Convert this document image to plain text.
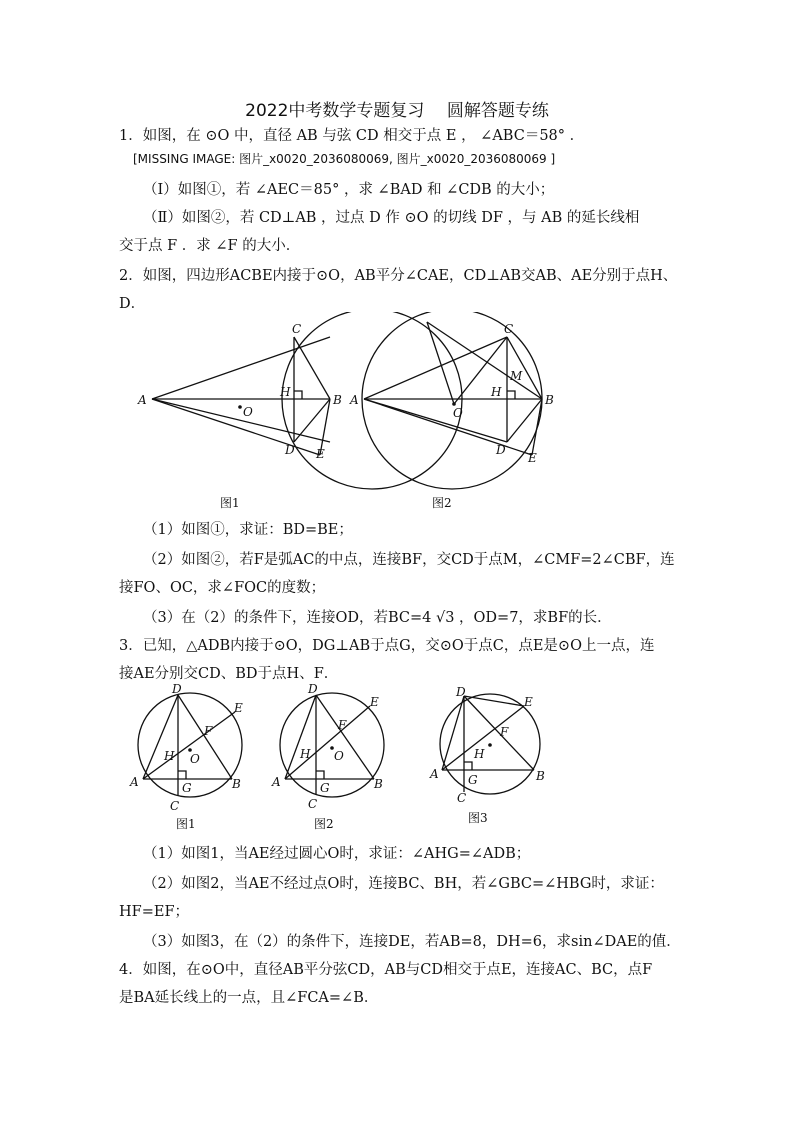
2022中考数学专题复习　 圆解答题专练
1．如图，在 ⊙O 中，直径 AB 与弦 CD 相交于点 E ， ∠ABC＝58° ．
[MISSING IMAGE: 图片_x0020_2036080069, 图片_x0020_2036080069 ]
（Ⅰ）如图①，若 ∠AEC＝85° ，求 ∠BAD 和 ∠CDB 的大小；
（Ⅱ）如图②，若 CD⊥AB ，过点 D 作 ⊙O 的切线 DF ，与 AB 的延长线相
交于点 F ．求 ∠F 的大小．
2．如图，四边形ACBE内接于⊙O，AB平分∠CAE，CD⊥AB交AB、AE分别于点H、
D．
A	B
C
D E
H
O
图1
A	B
C
D
E
H
M
O
图2
（1）如图①，求证：BD=BE；
（2）如图②，若F是弧AC的中点，连接BF，交CD于点M，∠CMF=2∠CBF，连
接FO、OC，求∠FOC的度数；
（3）在（2）的条件下，连接OD，若BC=4 √3 ，OD=7，求BF的长．
3．已知，△ADB内接于⊙O，DG⊥AB于点G，交⊙O于点C，点E是⊙O上一点，连
接AE分别交CD、BD于点H、F．
D
E
F
H O
A	B
G
C
图1
D
E
F
H O
A	B
G
C
图2
D
E
F
H
A	B
G
C
图3
（1）如图1，当AE经过圆心O时，求证：∠AHG=∠ADB；
（2）如图2，当AE不经过点O时，连接BC、BH，若∠GBC=∠HBG时，求证：
HF=EF；
（3）如图3，在（2）的条件下，连接DE，若AB=8，DH=6，求sin∠DAE的值．
4．如图，在⊙O中，直径AB平分弦CD，AB与CD相交于点E，连接AC、BC，点F
是BA延长线上的一点，且∠FCA=∠B．
